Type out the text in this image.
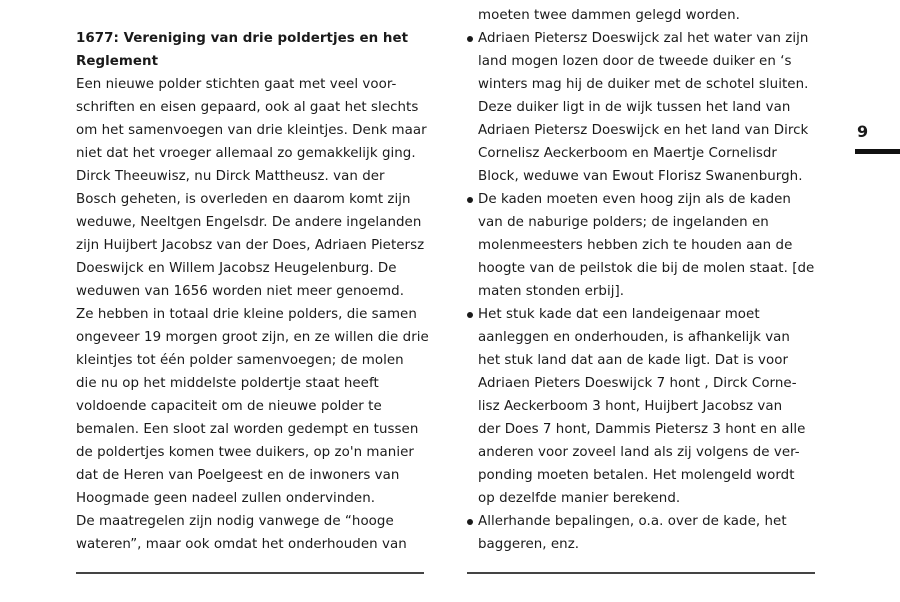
1677: Vereniging van drie poldertjes en het
Reglement
Een nieuwe polder stichten gaat met veel voor-
schriften en eisen gepaard, ook al gaat het slechts
om het samenvoegen van drie kleintjes. Denk maar
niet dat het vroeger allemaal zo gemakkelijk ging.
Dirck Theeuwisz, nu Dirck Mattheusz. van der
Bosch geheten, is overleden en daarom komt zijn
weduwe, Neeltgen Engelsdr. De andere ingelanden
zijn Huijbert Jacobsz van der Does, Adriaen Pietersz
Doeswijck en Willem Jacobsz Heugelenburg. De
weduwen van 1656 worden niet meer genoemd.
Ze hebben in totaal drie kleine polders, die samen
ongeveer 19 morgen groot zijn, en ze willen die drie
kleintjes tot één polder samenvoegen; de molen
die nu op het middelste poldertje staat heeft
voldoende capaciteit om de nieuwe polder te
bemalen. Een sloot zal worden gedempt en tussen
de poldertjes komen twee duikers, op zo'n manier
dat de Heren van Poelgeest en de inwoners van
Hoogmade geen nadeel zullen ondervinden.
De maatregelen zijn nodig vanwege de “hooge
wateren”, maar ook omdat het onderhouden van
moeten twee dammen gelegd worden.
Adriaen Pietersz Doeswijck zal het water van zijn
land mogen lozen door de tweede duiker en ‘s
winters mag hij de duiker met de schotel sluiten.
Deze duiker ligt in de wijk tussen het land van
Adriaen Pietersz Doeswijck en het land van Dirck
Cornelisz Aeckerboom en Maertje Cornelisdr
Block, weduwe van Ewout Florisz Swanenburgh.
De kaden moeten even hoog zijn als de kaden
van de naburige polders; de ingelanden en
molenmeesters hebben zich te houden aan de
hoogte van de peilstok die bij de molen staat. [de
maten stonden erbij].
Het stuk kade dat een landeigenaar moet
aanleggen en onderhouden, is afhankelijk van
het stuk land dat aan de kade ligt. Dat is voor
Adriaen Pieters Doeswijck 7 hont , Dirck Corne-
lisz Aeckerboom 3 hont, Huijbert Jacobsz van
der Does 7 hont, Dammis Pietersz 3 hont en alle
anderen voor zoveel land als zij volgens de ver-
ponding moeten betalen. Het molengeld wordt
op dezelfde manier berekend.
Allerhande bepalingen, o.a. over de kade, het
baggeren, enz.
9
